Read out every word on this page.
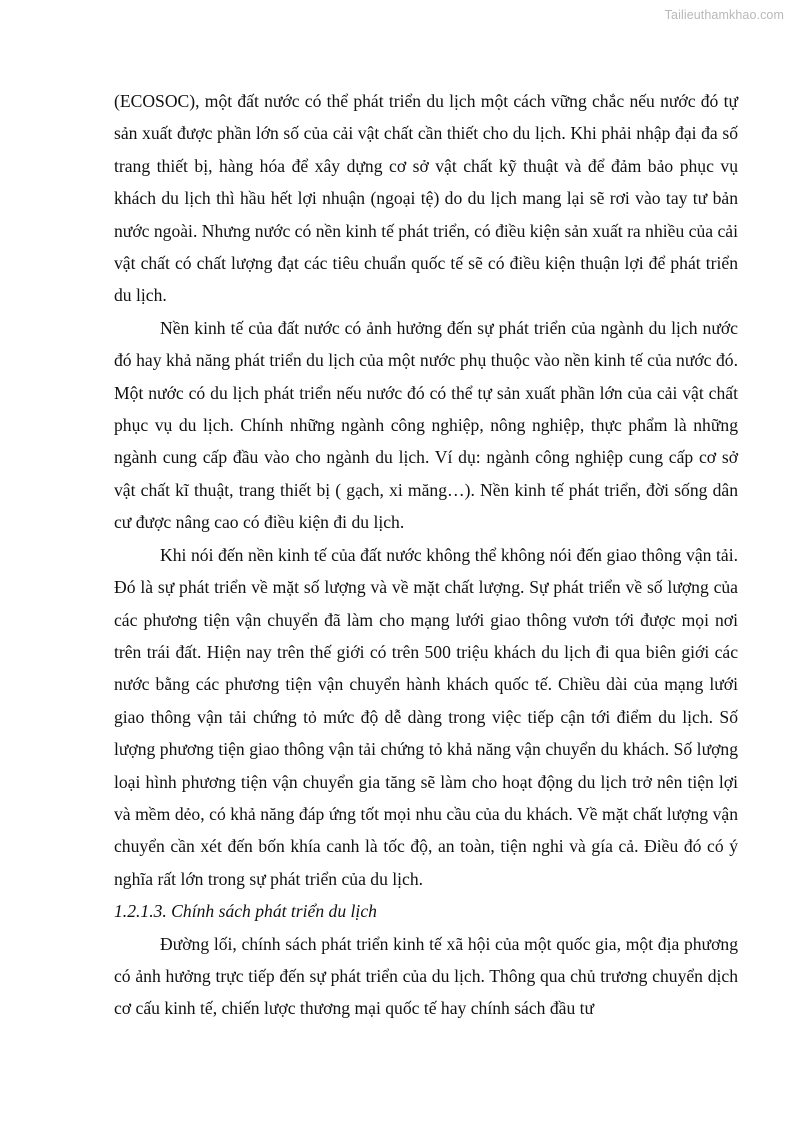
Tailieuthamkhao.com

(ECOSOC), một đất nước có thể phát triển du lịch một cách vững chắc nếu nước đó tự sản xuất được phần lớn số của cải vật chất cần thiết cho du lịch. Khi phải nhập đại đa số trang thiết bị, hàng hóa để xây dựng cơ sở vật chất kỹ thuật và để đảm bảo phục vụ khách du lịch thì hầu hết lợi nhuận (ngoại tệ) do du lịch mang lại sẽ rơi vào tay tư bản nước ngoài. Nhưng nước có nền kinh tế phát triển, có điều kiện sản xuất ra nhiều của cải vật chất có chất lượng đạt các tiêu chuẩn quốc tế sẽ có điều kiện thuận lợi để phát triển du lịch.

Nền kinh tế của đất nước có ảnh hưởng đến sự phát triển của ngành du lịch nước đó hay khả năng phát triển du lịch của một nước phụ thuộc vào nền kinh tế của nước đó. Một nước có du lịch phát triển nếu nước đó có thể tự sản xuất phần lớn của cải vật chất phục vụ du lịch. Chính những ngành công nghiệp, nông nghiệp, thực phẩm là những ngành cung cấp đầu vào cho ngành du lịch. Ví dụ: ngành công nghiệp cung cấp cơ sở vật chất kĩ thuật, trang thiết bị ( gạch, xi măng…). Nền kinh tế phát triển, đời sống dân cư được nâng cao có điều kiện đi du lịch.

Khi nói đến nền kinh tế của đất nước không thể không nói đến giao thông vận tải. Đó là sự phát triển về mặt số lượng và về mặt chất lượng. Sự phát triển về số lượng của các phương tiện vận chuyển đã làm cho mạng lưới giao thông vươn tới được mọi nơi trên trái đất. Hiện nay trên thế giới có trên 500 triệu khách du lịch đi qua biên giới các nước bằng các phương tiện vận chuyển hành khách quốc tế. Chiều dài của mạng lưới giao thông vận tải chứng tỏ mức độ dễ dàng trong việc tiếp cận tới điểm du lịch. Số lượng phương tiện giao thông vận tải chứng tỏ khả năng vận chuyển du khách. Số lượng loại hình phương tiện vận chuyển gia tăng sẽ làm cho hoạt động du lịch trở nên tiện lợi và mềm dẻo, có khả năng đáp ứng tốt mọi nhu cầu của du khách. Về mặt chất lượng vận chuyển cần xét đến bốn khía canh là tốc độ, an toàn, tiện nghi và gía cả. Điều đó có ý nghĩa rất lớn trong sự phát triển của du lịch.

1.2.1.3. Chính sách phát triển du lịch

Đường lối, chính sách phát triển kinh tế xã hội của một quốc gia, một địa phương có ảnh hưởng trực tiếp đến sự phát triển của du lịch. Thông qua chủ trương chuyển dịch cơ cấu kinh tế, chiến lược thương mại quốc tế hay chính sách đầu tư
